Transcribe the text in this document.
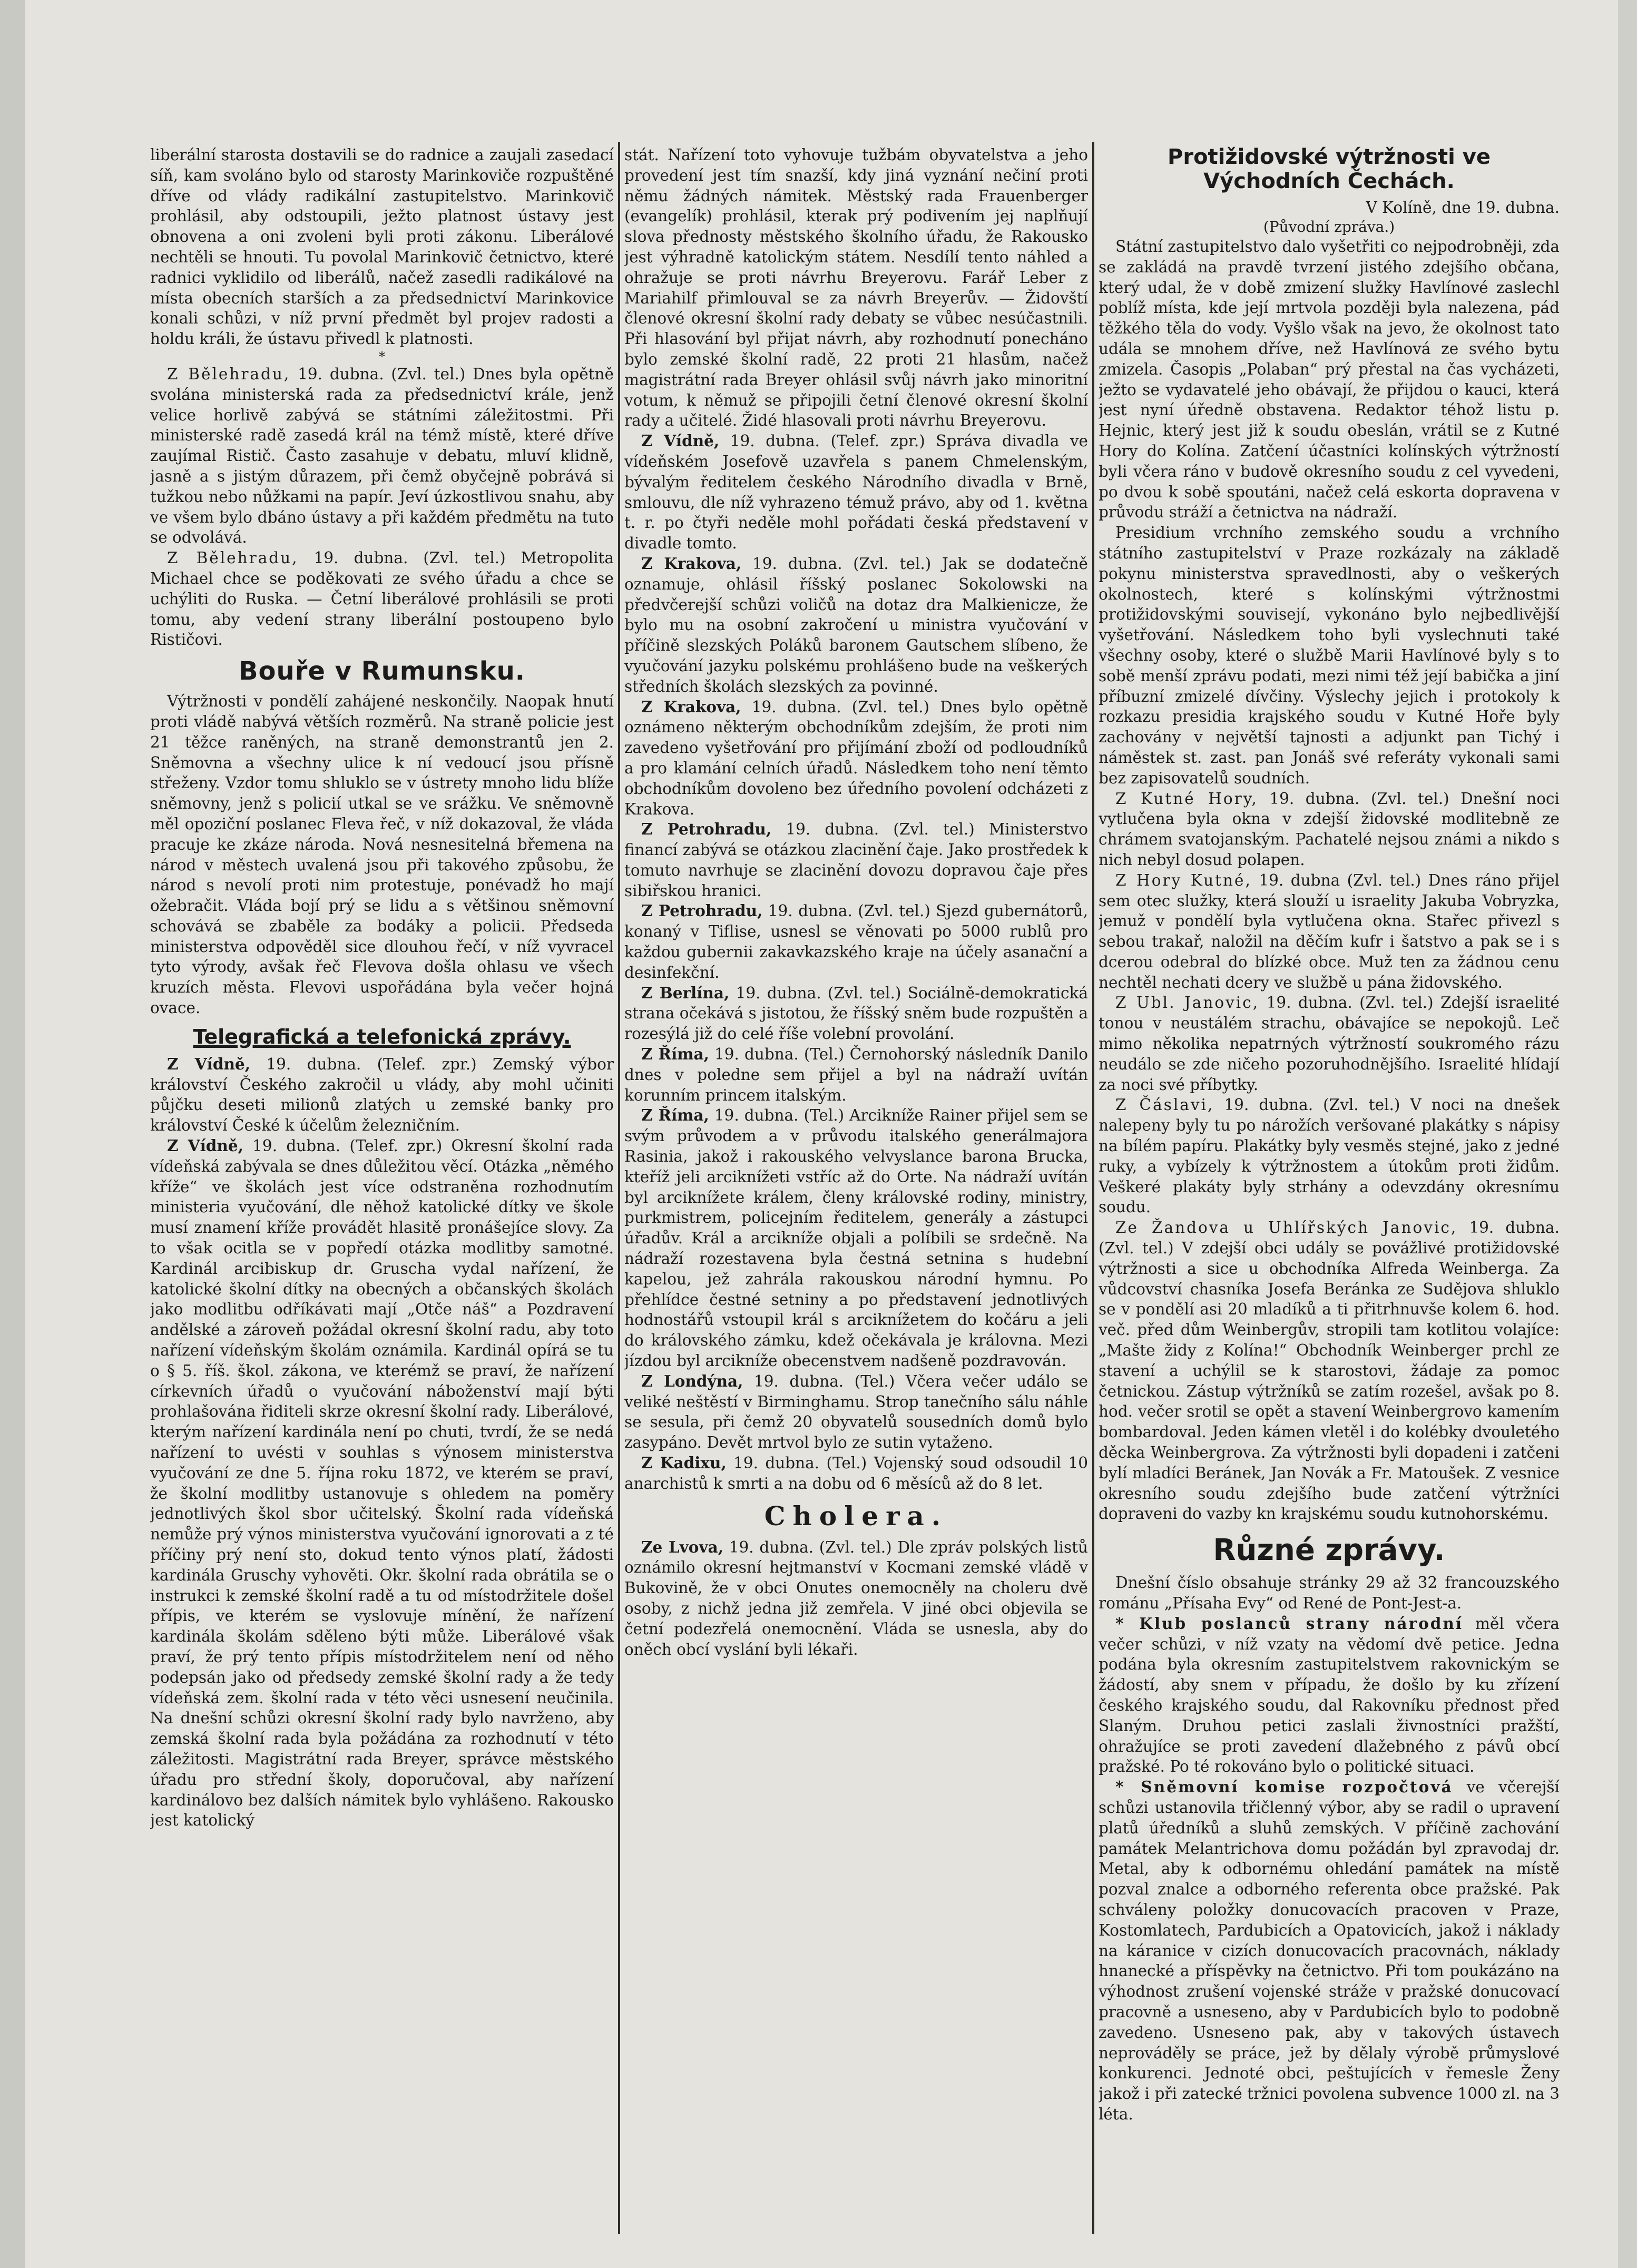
liberální starosta dostavili se do radnice a zaujali zasedací síň, kam svoláno bylo od starosty Marinkoviče rozpuštěné dříve od vlády radikální zastupitelstvo. Marinkovič prohlásil, aby odstoupili, ježto platnost ústavy jest obnovena a oni zvoleni byli proti zákonu. Liberálové nechtěli se hnouti. Tu povolal Marinkovič četnictvo, které radnici vyklidilo od liberálů, načež zasedli radikálové na místa obecních starších a za předsednictví Marinkovice konali schůzi, v níž první předmět byl projev radosti a holdu králi, že ústavu přivedl k platnosti.

*

Z Bělehradu, 19. dubna. (Zvl. tel.) Dnes byla opětně svolána ministerská rada za předsednictví krále, jenž velice horlivě zabývá se státními záležitostmi. Při ministerské radě zasedá král na témž místě, které dříve zaujímal Ristič. Často zasahuje v debatu, mluví klidně, jasně a s jistým důrazem, při čemž obyčejně pobrává si tužkou nebo nůžkami na papír. Jeví úzkostlivou snahu, aby ve všem bylo dbáno ústavy a při každém předmětu na tuto se odvolává.

Z Bělehradu, 19. dubna. (Zvl. tel.) Metropolita Michael chce se poděkovati ze svého úřadu a chce se uchýliti do Ruska. — Četní liberálové prohlásili se proti tomu, aby vedení strany liberální postoupeno bylo Rističovi.

Bouře v Rumunsku.

Výtržnosti v pondělí zahájené neskončily. Naopak hnutí proti vládě nabývá větších rozměrů. Na straně policie jest 21 těžce raněných, na straně demonstrantů jen 2. Sněmovna a všechny ulice k ní vedoucí jsou přísně střeženy. Vzdor tomu shluklo se v ústrety mnoho lidu blíže sněmovny, jenž s policií utkal se ve srážku. Ve sněmovně měl opoziční poslanec Fleva řeč, v níž dokazoval, že vláda pracuje ke zkáze národa. Nová nesnesitelná břemena na národ v městech uvalená jsou při takového způsobu, že národ s nevolí proti nim protestuje, ponévadž ho mají ožebračit. Vláda bojí prý se lidu a s většinou sněmovní schovává se zbaběle za bodáky a policii. Předseda ministerstva odpověděl sice dlouhou řečí, v níž vyvracel tyto výrody, avšak řeč Flevova došla ohlasu ve všech kruzích města. Flevovi uspořádána byla večer hojná ovace.

Telegrafická a telefonická zprávy.

Z Vídně, 19. dubna. (Telef. zpr.) Zemský výbor království Českého zakročil u vlády, aby mohl učiniti půjčku deseti milionů zlatých u zemské banky pro království České k účelům železničním.

Z Vídně, 19. dubna. (Telef. zpr.) Okresní školní rada vídeňská zabývala se dnes důležitou věcí. Otázka „němého kříže“ ve školách jest více odstraněna rozhodnutím ministeria vyučování, dle něhož katolické dítky ve škole musí znamení kříže provádět hlasitě pronášejíce slovy. Za to však ocitla se v popředí otázka modlitby samotné. Kardinál arcibiskup dr. Gruscha vydal nařízení, že katolické školní dítky na obecných a občanských školách jako modlitbu odříkávati mají „Otče náš“ a Pozdravení andělské a zároveň požádal okresní školní radu, aby toto nařízení vídeňským školám oznámila. Kardinál opírá se tu o § 5. říš. škol. zákona, ve kterémž se praví, že nařízení církevních úřadů o vyučování náboženství mají býti prohlašována řiditeli skrze okresní školní rady. Liberálové, kterým nařízení kardinála není po chuti, tvrdí, že se nedá nařízení to uvésti v souhlas s výnosem ministerstva vyučování ze dne 5. října roku 1872, ve kterém se praví, že školní modlitby ustanovuje s ohledem na poměry jednotlivých škol sbor učitelský. Školní rada vídeňská nemůže prý výnos ministerstva vyučování ignorovati a z té příčiny prý není sto, dokud tento výnos platí, žádosti kardinála Gruschy vyhověti. Okr. školní rada obrátila se o instrukci k zemské školní radě a tu od místodržitele došel přípis, ve kterém se vyslovuje mínění, že nařízení kardinála školám sděleno býti může. Liberálové však praví, že prý tento přípis místodržitelem není od něho podepsán jako od předsedy zemské školní rady a že tedy vídeňská zem. školní rada v této věci usnesení neučinila. Na dnešní schůzi okresní školní rady bylo navrženo, aby zemská školní rada byla požádána za rozhodnutí v této záležitosti. Magistrátní rada Breyer, správce městského úřadu pro střední školy, doporučoval, aby nařízení kardinálovo bez dalších námitek bylo vyhlášeno. Rakousko jest katolický

stát. Nařízení toto vyhovuje tužbám obyvatelstva a jeho provedení jest tím snazší, kdy jiná vyznání nečiní proti němu žádných námitek. Městský rada Frauenberger (evangelík) prohlásil, kterak prý podivením jej naplňují slova přednosty městského školního úřadu, že Rakousko jest výhradně katolickým státem. Nesdílí tento náhled a ohražuje se proti návrhu Breyerovu. Farář Leber z Mariahilf přimlouval se za návrh Breyerův. — Židovští členové okresní školní rady debaty se vůbec nesúčastnili. Při hlasování byl přijat návrh, aby rozhodnutí ponecháno bylo zemské školní radě, 22 proti 21 hlasům, načež magistrátní rada Breyer ohlásil svůj návrh jako minoritní votum, k němuž se připojili četní členové okresní školní rady a učitelé. Židé hlasovali proti návrhu Breyerovu.

Z Vídně, 19. dubna. (Telef. zpr.) Správa divadla ve vídeňském Josefově uzavřela s panem Chmelenským, bývalým ředitelem českého Národního divadla v Brně, smlouvu, dle níž vyhrazeno témuž právo, aby od 1. května t. r. po čtyři neděle mohl pořádati česká představení v divadle tomto.

Z Krakova, 19. dubna. (Zvl. tel.) Jak se dodatečně oznamuje, ohlásil říšský poslanec Sokolowski na předvčerejší schůzi voličů na dotaz dra Malkienicze, že bylo mu na osobní zakročení u ministra vyučování v příčině slezských Poláků baronem Gautschem slíbeno, že vyučování jazyku polskému prohlášeno bude na veškerých středních školách slezských za povinné.

Z Krakova, 19. dubna. (Zvl. tel.) Dnes bylo opětně oznámeno některým obchodníkům zdejším, že proti nim zavedeno vyšetřování pro přijímání zboží od podloudníků a pro klamání celních úřadů. Následkem toho není těmto obchodníkům dovoleno bez úředního povolení odcházeti z Krakova.

Z Petrohradu, 19. dubna. (Zvl. tel.) Ministerstvo financí zabývá se otázkou zlacinění čaje. Jako prostředek k tomuto navrhuje se zlacinění dovozu dopravou čaje přes sibiřskou hranici.

Z Petrohradu, 19. dubna. (Zvl. tel.) Sjezd gubernátorů, konaný v Tiflise, usnesl se věnovati po 5000 rublů pro každou gubernii zakavkazského kraje na účely asanační a desinfekční.

Z Berlína, 19. dubna. (Zvl. tel.) Sociálně-demokratická strana očekává s jistotou, že říšský sněm bude rozpuštěn a rozesýlá již do celé říše volební provolání.

Z Říma, 19. dubna. (Tel.) Černohorský následník Danilo dnes v poledne sem přijel a byl na nádraží uvítán korunním princem italským.

Z Říma, 19. dubna. (Tel.) Arcikníže Rainer přijel sem se svým průvodem a v průvodu italského generálmajora Rasinia, jakož i rakouského velvyslance barona Brucka, kteříž jeli arciknížeti vstříc až do Orte. Na nádraží uvítán byl arciknížete králem, členy královské rodiny, ministry, purkmistrem, policejním ředitelem, generály a zástupci úřadův. Král a arcikníže objali a políbili se srdečně. Na nádraží rozestavena byla čestná setnina s hudební kapelou, jež zahrála rakouskou národní hymnu. Po přehlídce čestné setniny a po představení jednotlivých hodnostářů vstoupil král s arciknížetem do kočáru a jeli do královského zámku, kdež očekávala je královna. Mezi jízdou byl arcikníže obecenstvem nadšeně pozdravován.

Z Londýna, 19. dubna. (Tel.) Včera večer událo se veliké neštěstí v Birminghamu. Strop tanečního sálu náhle se sesula, při čemž 20 obyvatelů sousedních domů bylo zasypáno. Devět mrtvol bylo ze sutin vytaženo.

Z Kadixu, 19. dubna. (Tel.) Vojenský soud odsoudil 10 anarchistů k smrti a na dobu od 6 měsíců až do 8 let.

Cholera.

Ze Lvova, 19. dubna. (Zvl. tel.) Dle zpráv polských listů oznámilo okresní hejtmanství v Kocmani zemské vládě v Bukovině, že v obci Onutes onemocněly na choleru dvě osoby, z nichž jedna již zemřela. V jiné obci objevila se četní podezřelá onemocnění. Vláda se usnesla, aby do oněch obcí vyslání byli lékaři.

Protižidovské výtržnosti ve Východních Čechách.
V Kolíně, dne 19. dubna.
(Původní zpráva.)

Státní zastupitelstvo dalo vyšetřiti co nejpodrobněji, zda se zakládá na pravdě tvrzení jistého zdejšího občana, který udal, že v době zmizení služky Havlínové zaslechl poblíž místa, kde její mrtvola později byla nalezena, pád těžkého těla do vody. Vyšlo však na jevo, že okolnost tato udála se mnohem dříve, než Havlínová ze svého bytu zmizela. Časopis „Polaban“ prý přestal na čas vycházeti, ježto se vydavatelé jeho obávají, že přijdou o kauci, která jest nyní úředně obstavena. Redaktor téhož listu p. Hejnic, který jest již k soudu obeslán, vrátil se z Kutné Hory do Kolína. Zatčení účastníci kolínských výtržností byli včera ráno v budově okresního soudu z cel vyvedeni, po dvou k sobě spoutáni, načež celá eskorta dopravena v průvodu stráží a četnictva na nádraží.

Presidium vrchního zemského soudu a vrchního státního zastupitelství v Praze rozkázaly na základě pokynu ministerstva spravedlnosti, aby o veškerých okolnostech, které s kolínskými výtržnostmi protižidovskými souvisejí, vykonáno bylo nejbedlivější vyšetřování. Následkem toho byli vyslechnuti také všechny osoby, které o službě Marii Havlínové byly s to sobě menší zprávu podati, mezi nimi též její babička a jiní příbuzní zmizelé dívčiny. Výslechy jejich i protokoly k rozkazu presidia krajského soudu v Kutné Hoře byly zachovány v největší tajnosti a adjunkt pan Tichý i náměstek st. zast. pan Jonáš své referáty vykonali sami bez zapisovatelů soudních.

Z Kutné Hory, 19. dubna. (Zvl. tel.) Dnešní noci vytlučena byla okna v zdejší židovské modlitebně ze chrámem svatojanským. Pachatelé nejsou známi a nikdo s nich nebyl dosud polapen.

Z Hory Kutné, 19. dubna (Zvl. tel.) Dnes ráno přijel sem otec služky, která slouží u israelity Jakuba Vobryzka, jemuž v pondělí byla vytlučena okna. Stařec přivezl s sebou trakař, naložil na děčím kufr i šatstvo a pak se i s dcerou odebral do blízké obce. Muž ten za žádnou cenu nechtěl nechati dcery ve službě u pána židovského.

Z Ubl. Janovic, 19. dubna. (Zvl. tel.) Zdejší israelité tonou v neustálém strachu, obávajíce se nepokojů. Leč mimo několika nepatrných výtržností soukromého rázu neudálo se zde ničeho pozoruhodnějšího. Israelité hlídají za noci své příbytky.

Z Čáslavi, 19. dubna. (Zvl. tel.) V noci na dnešek nalepeny byly tu po nárožích veršované plakátky s nápisy na bílém papíru. Plakátky byly vesměs stejné, jako z jedné ruky, a vybízely k výtržnostem a útokům proti židům. Veškeré plakáty byly strhány a odevzdány okresnímu soudu.

Ze Žandova u Uhlířských Janovic, 19. dubna. (Zvl. tel.) V zdejší obci udály se povážlivé protižidovské výtržnosti a sice u obchodníka Alfreda Weinberga. Za vůdcovství chasníka Josefa Beránka ze Sudějova shluklo se v pondělí asi 20 mladíků a ti přitrhnuvše kolem 6. hod. več. před dům Weinbergův, stropili tam kotlitou volajíce: „Mašte židy z Kolína!“ Obchodník Weinberger prchl ze stavení a uchýlil se k starostovi, žádaje za pomoc četnickou. Zástup výtržníků se zatím rozešel, avšak po 8. hod. večer srotil se opět a stavení Weinbergrovo kamením bombardoval. Jeden kámen vletěl i do kolébky dvouletého děcka Weinbergrova. Za výtržnosti byli dopadeni i zatčeni bylí mladíci Beránek, Jan Novák a Fr. Matoušek. Z vesnice okresního soudu zdejšího bude zatčení výtržníci dopraveni do vazby kn krajskému soudu kutnohorskému.

Různé zprávy.

Dnešní číslo obsahuje stránky 29 až 32 francouzského románu „Přísaha Evy“ od René de Pont-Jest-a.

* Klub poslanců strany národní měl včera večer schůzi, v níž vzaty na vědomí dvě petice. Jedna podána byla okresním zastupitelstvem rakovnickým se žádostí, aby snem v případu, že došlo by ku zřízení českého krajského soudu, dal Rakovníku přednost před Slaným. Druhou petici zaslali živnostníci pražští, ohražujíce se proti zavedení dlažebného z pávů obcí pražské. Po té rokováno bylo o politické situaci.

* Sněmovní komise rozpočtová ve včerejší schůzi ustanovila třičlenný výbor, aby se radil o upravení platů úředníků a sluhů zemských. V příčině zachování památek Melantrichova domu požádán byl zpravodaj dr. Metal, aby k odbornému ohledání památek na místě pozval znalce a odborného referenta obce pražské. Pak schváleny položky donucovacích pracoven v Praze, Kostomlatech, Pardubicích a Opatovicích, jakož i náklady na káranice v cizích donucovacích pracovnách, náklady hnanecké a příspěvky na četnictvo. Při tom poukázáno na výhodnost zrušení vojenské stráže v pražské donucovací pracovně a usneseno, aby v Pardubicích bylo to podobně zavedeno. Usneseno pak, aby v takových ústavech neprováděly se práce, jež by dělaly výrobě průmyslové konkurenci. Jednoté obci, peštujících v řemesle Ženy jakož i při zatecké tržnici povolena subvence 1000 zl. na 3 léta.
